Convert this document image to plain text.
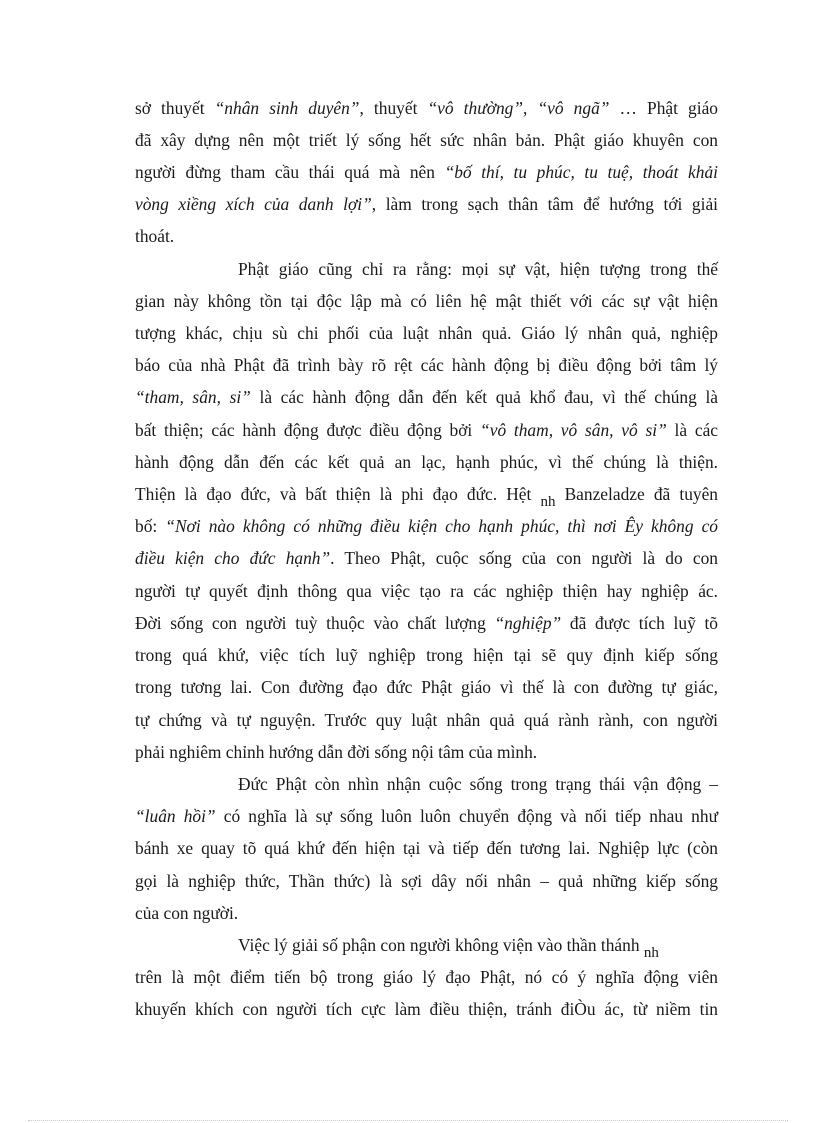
sở thuyết “nhân sinh duyên”, thuyết “vô thường”, “vô ngã” … Phật giáo
đã xây dựng nên một triết lý sống hết sức nhân bản. Phật giáo khuyên con
người đừng tham cầu thái quá mà nên “bố thí, tu phúc, tu tuệ, thoát khải
vòng xiềng xích của danh lợi”, làm trong sạch thân tâm để hướng tới giải
thoát.
Phật giáo cũng chỉ ra rằng: mọi sự vật, hiện tượng trong thế
gian này không tồn tại độc lập mà có liên hệ mật thiết với các sự vật hiện
tượng khác, chịu sù chi phối của luật nhân quả. Giáo lý nhân quả, nghiệp
báo của nhà Phật đã trình bày rõ rệt các hành động bị điều động bởi tâm lý
“tham, sân, si” là các hành động dẫn đến kết quả khổ đau, vì thế chúng là
bất thiện; các hành động được điều động bởi “vô tham, vô sân, vô si” là các
hành động dẫn đến các kết quả an lạc, hạnh phúc, vì thế chúng là thiện.
Thiện là đạo đức, và bất thiện là phi đạo đức. Hệt nh Banzeladze đã tuyên
bố: “Nơi nào không có những điều kiện cho hạnh phúc, thì nơi Êy không có
điều kiện cho đức hạnh”. Theo Phật, cuộc sống của con người là do con
người tự quyết định thông qua việc tạo ra các nghiệp thiện hay nghiệp ác.
Đời sống con người tuỳ thuộc vào chất lượng “nghiệp” đã được tích luỹ tõ
trong quá khứ, việc tích luỹ nghiệp trong hiện tại sẽ quy định kiếp sống
trong tương lai. Con đường đạo đức Phật giáo vì thế là con đường tự giác,
tự chứng và tự nguyện. Trước quy luật nhân quả quá rành rành, con người
phải nghiêm chỉnh hướng dẫn đời sống nội tâm của mình.
Đức Phật còn nhìn nhận cuộc sống trong trạng thái vận động –
“luân hồi” có nghĩa là sự sống luôn luôn chuyển động và nối tiếp nhau như
bánh xe quay tõ quá khứ đến hiện tại và tiếp đến tương lai. Nghiệp lực (còn
gọi là nghiệp thức, Thần thức) là sợi dây nối nhân – quả những kiếp sống
của con người.
Việc lý giải số phận con người không viện vào thần thánh nh
trên là một điểm tiến bộ trong giáo lý đạo Phật, nó có ý nghĩa động viên
khuyến khích con người tích cực làm điều thiện, tránh điÒu ác, từ niềm tin
